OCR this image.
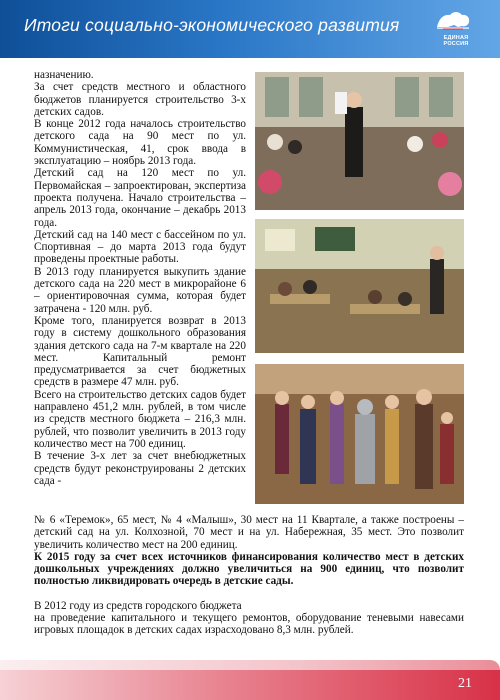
Итоги социально-экономического развития
ЕДИНАЯ
РОССИЯ

назначению.

За счет средств местного и областного бюджетов планируется строительство 3-х детских садов.

В конце 2012 года началось строительство детского сада на 90 мест по ул. Коммунистическая, 41, срок ввода в эксплуатацию – ноябрь 2013 года.

Детский сад на 120 мест по ул. Первомайская – запроектирован, экспертиза проекта получена. Начало строительства – апрель 2013 года, окончание – декабрь 2013 года.

Детский сад на 140 мест с бассейном по ул. Спортивная – до марта 2013 года будут проведены проектные работы.

В 2013 году планируется выкупить здание детского сада на 220 мест в микрорайоне 6 – ориентировочная сумма, которая будет затрачена - 120 млн. руб.

Кроме того, планируется возврат в 2013 году в систему дошкольного образования здания детского сада на 7-м квартале на 220 мест. Капитальный ремонт предусматривается за счет бюджетных средств в размере 47 млн. руб.

Всего на строительство детских садов будет направлено 451,2 млн. рублей, в том числе из средств местного бюджета – 216,3 млн. рублей, что позволит увеличить в 2013 году количество мест на 700 единиц.

В течение 3-х лет за счет внебюджетных средств будут реконструированы 2 детских сада -

№ 6 «Теремок», 65 мест, № 4 «Малыш», 30 мест на 11 Квартале, а также построены – детский сад на ул. Колхозной, 70 мест и на ул. Набережная, 35 мест. Это позволит увеличить количество мест на 200 единиц.

К 2015 году за счет всех источников финансирования количество мест в детских дошкольных учреждениях должно увеличиться на 900 единиц, что позволит полностью ликвидировать очередь в детские сады.

В 2012 году из средств городского бюджета

на проведение капитального и текущего ремонтов, оборудование теневыми навесами игровых площадок в детских садах израсходовано 8,3 млн. рублей.

21
